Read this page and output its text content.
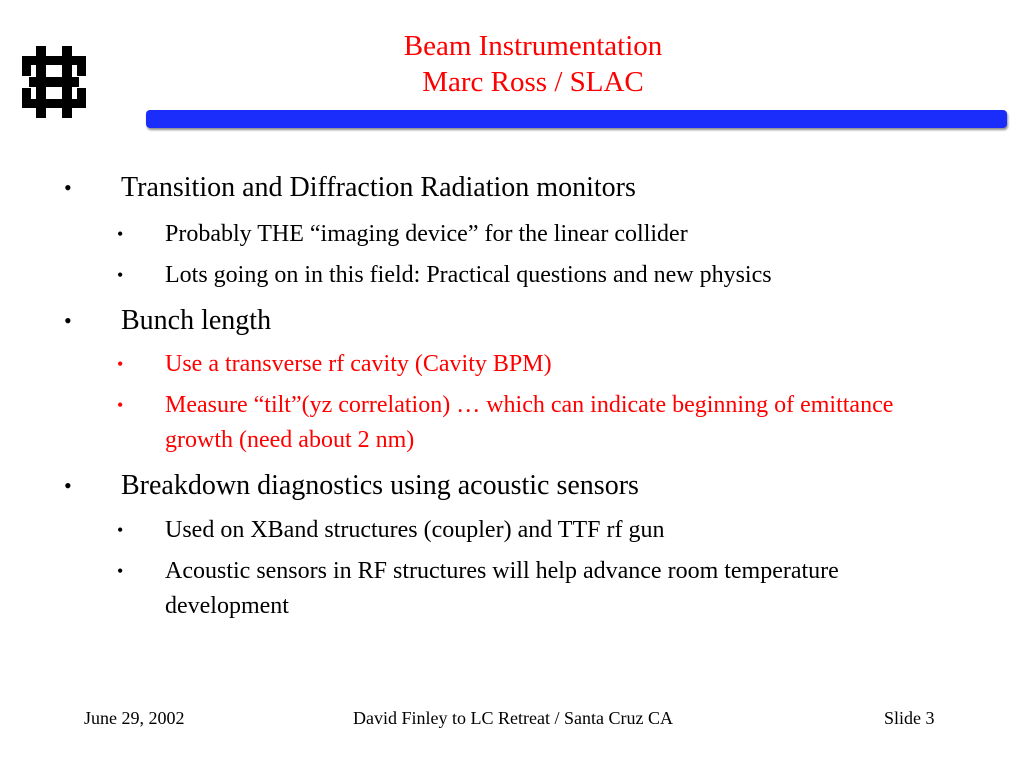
Beam Instrumentation
Marc Ross / SLAC
• Transition and Diffraction Radiation monitors
• Probably THE “imaging device” for the linear collider
• Lots going on in this field: Practical questions and new physics
• Bunch length
• Use a transverse rf cavity (Cavity BPM)
• Measure “tilt”(yz correlation) … which can indicate beginning of emittance growth (need about 2 nm)
• Breakdown diagnostics using acoustic sensors
• Used on XBand structures (coupler) and TTF rf gun
• Acoustic sensors in RF structures will help advance room temperature development
June 29, 2002	David Finley to LC Retreat / Santa Cruz CA	Slide 3
